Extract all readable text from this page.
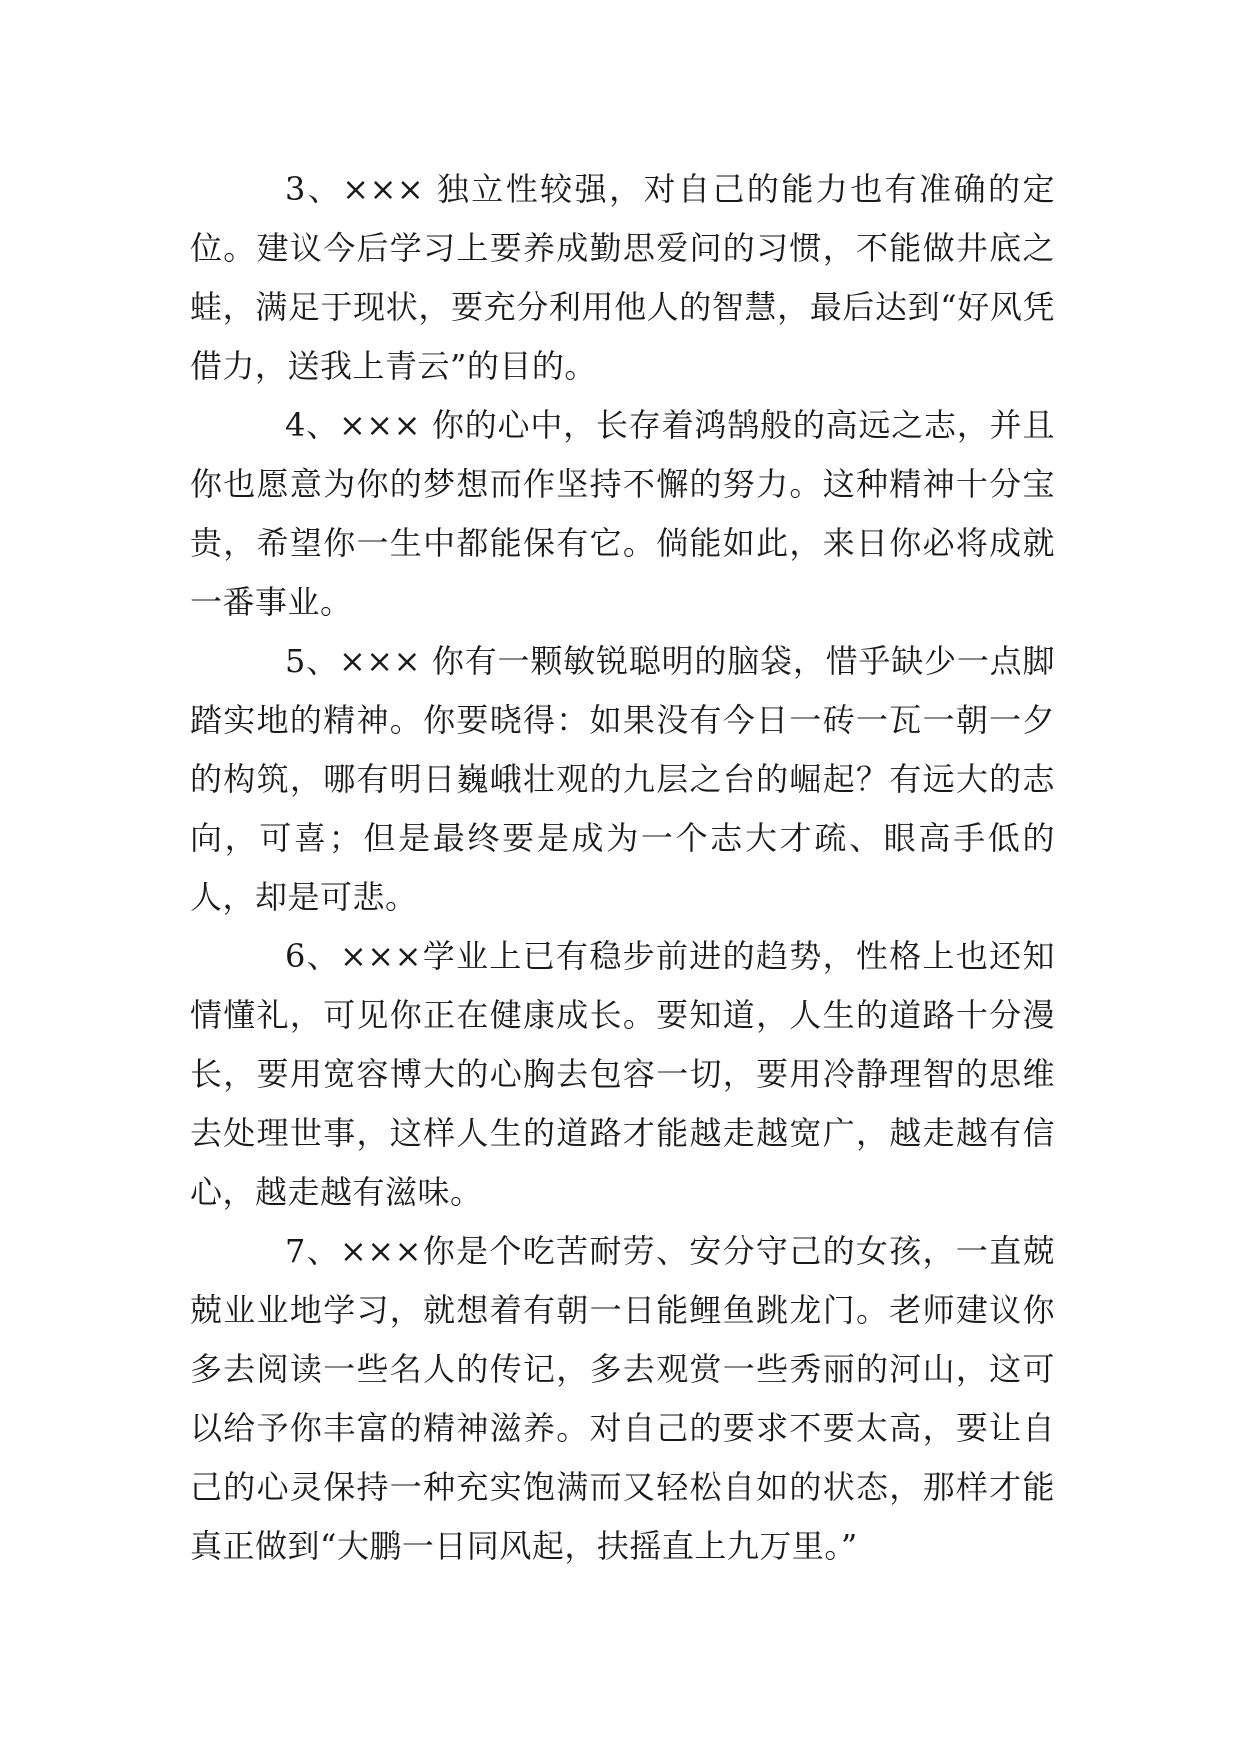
3、××× 独立性较强，对自己的能力也有准确的定位。建议今后学习上要养成勤思爱问的习惯，不能做井底之蛙，满足于现状，要充分利用他人的智慧，最后达到“好风凭借力，送我上青云”的目的。

4、××× 你的心中，长存着鸿鹄般的高远之志，并且你也愿意为你的梦想而作坚持不懈的努力。这种精神十分宝贵，希望你一生中都能保有它。倘能如此，来日你必将成就一番事业。

5、××× 你有一颗敏锐聪明的脑袋，惜乎缺少一点脚踏实地的精神。你要晓得：如果没有今日一砖一瓦一朝一夕的构筑，哪有明日巍峨壮观的九层之台的崛起？有远大的志向，可喜；但是最终要是成为一个志大才疏、眼高手低的人，却是可悲。

6、×××学业上已有稳步前进的趋势，性格上也还知情懂礼，可见你正在健康成长。要知道，人生的道路十分漫长，要用宽容博大的心胸去包容一切，要用冷静理智的思维去处理世事，这样人生的道路才能越走越宽广，越走越有信心，越走越有滋味。

7、×××你是个吃苦耐劳、安分守己的女孩，一直兢兢业业地学习，就想着有朝一日能鲤鱼跳龙门。老师建议你多去阅读一些名人的传记，多去观赏一些秀丽的河山，这可以给予你丰富的精神滋养。对自己的要求不要太高，要让自己的心灵保持一种充实饱满而又轻松自如的状态，那样才能真正做到“大鹏一日同风起，扶摇直上九万里。”
